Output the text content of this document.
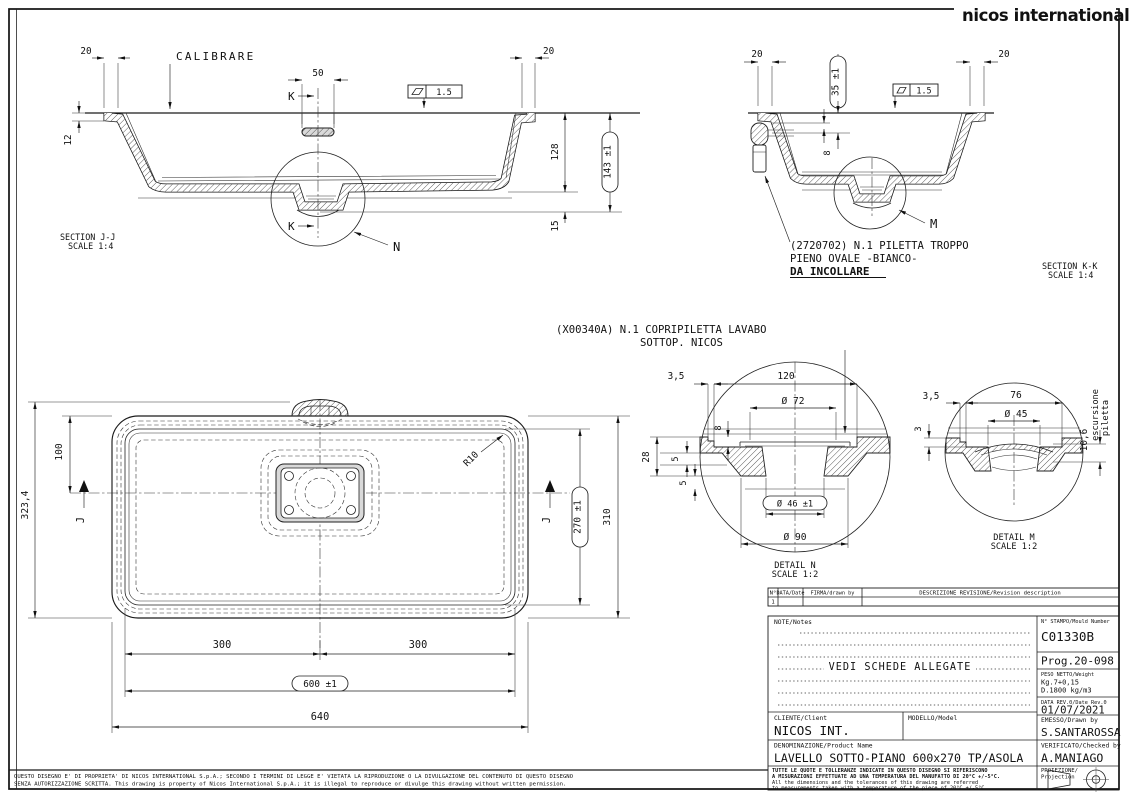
nicos international
20	CALIBRARE
50
K
K
1.5
20
12
128
15
143 ±1
N
SECTION J-J
SCALE 1:4
20
35 ±1
8
1.5
20
M
(2720702) N.1 PILETTA TROPPO
PIENO OVALE -BIANCO-
DA INCOLLARE	SECTION K-K
SCALE 1:4
(X00340A) N.1 COPRIPILETTA LAVABO
SOTTOP. NICOS
J	J
R10
323,4
100
270 ±1 310
300	300
600 ±1
640
3,5	120
Ø 72
8
28 5
5
Ø 46 ±1
Ø 90
DETAIL N
SCALE 1:2
3,5	76
Ø 45
3	10,6 escursione piletta
DETAIL M
SCALE 1:2
N° DATA/Date FIRMA/drawn by	DESCRIZIONE REVISIONE/Revision description
1
NOTE/Notes
VEDI SCHEDE ALLEGATE
N° STAMPO/Mould Number
C01330B
Prog.20-098
PESO NETTO/Weight
Kg.7+0,15
D.1800 kg/m3
DATA REV.0/Date Rev.0
01/07/2021
CLIENTE/Client
NICOS INT.
MODELLO/Model	EMESSO/Drawn by
S.SANTAROSSA
DENOMINAZIONE/Product Name
LAVELLO SOTTO-PIANO 600x270 TP/ASOLA
VERIFICATO/Checked by
A.MANIAGO
TUTTE LE QUOTE E TOLLERANZE INDICATE IN QUESTO DISEGNO SI RIFERISCONO
A MISURAZIONI EFFETTUATE AD UNA TEMPERATURA DEL MANUFATTO DI 20°C +/-5°C.
All the dimensions and the tolerances of this drawing are referred
to measurements taken with a temperature of the piece of 20°C +/-5°C.
PROIEZIONE/
Projection
QUESTO DISEGNO E' DI PROPRIETA' DI NICOS INTERNATIONAL S.p.A.; SECONDO I TERMINI DI LEGGE E' VIETATA LA RIPRODUZIONE O LA DIVULGAZIONE DEL CONTENUTO DI QUESTO DISEGNO
SENZA AUTORIZZAZIONE SCRITTA. This drawing is property of Nicos International S.p.A.; it is illegal to reproduce or divulge this drawing without written permission.
